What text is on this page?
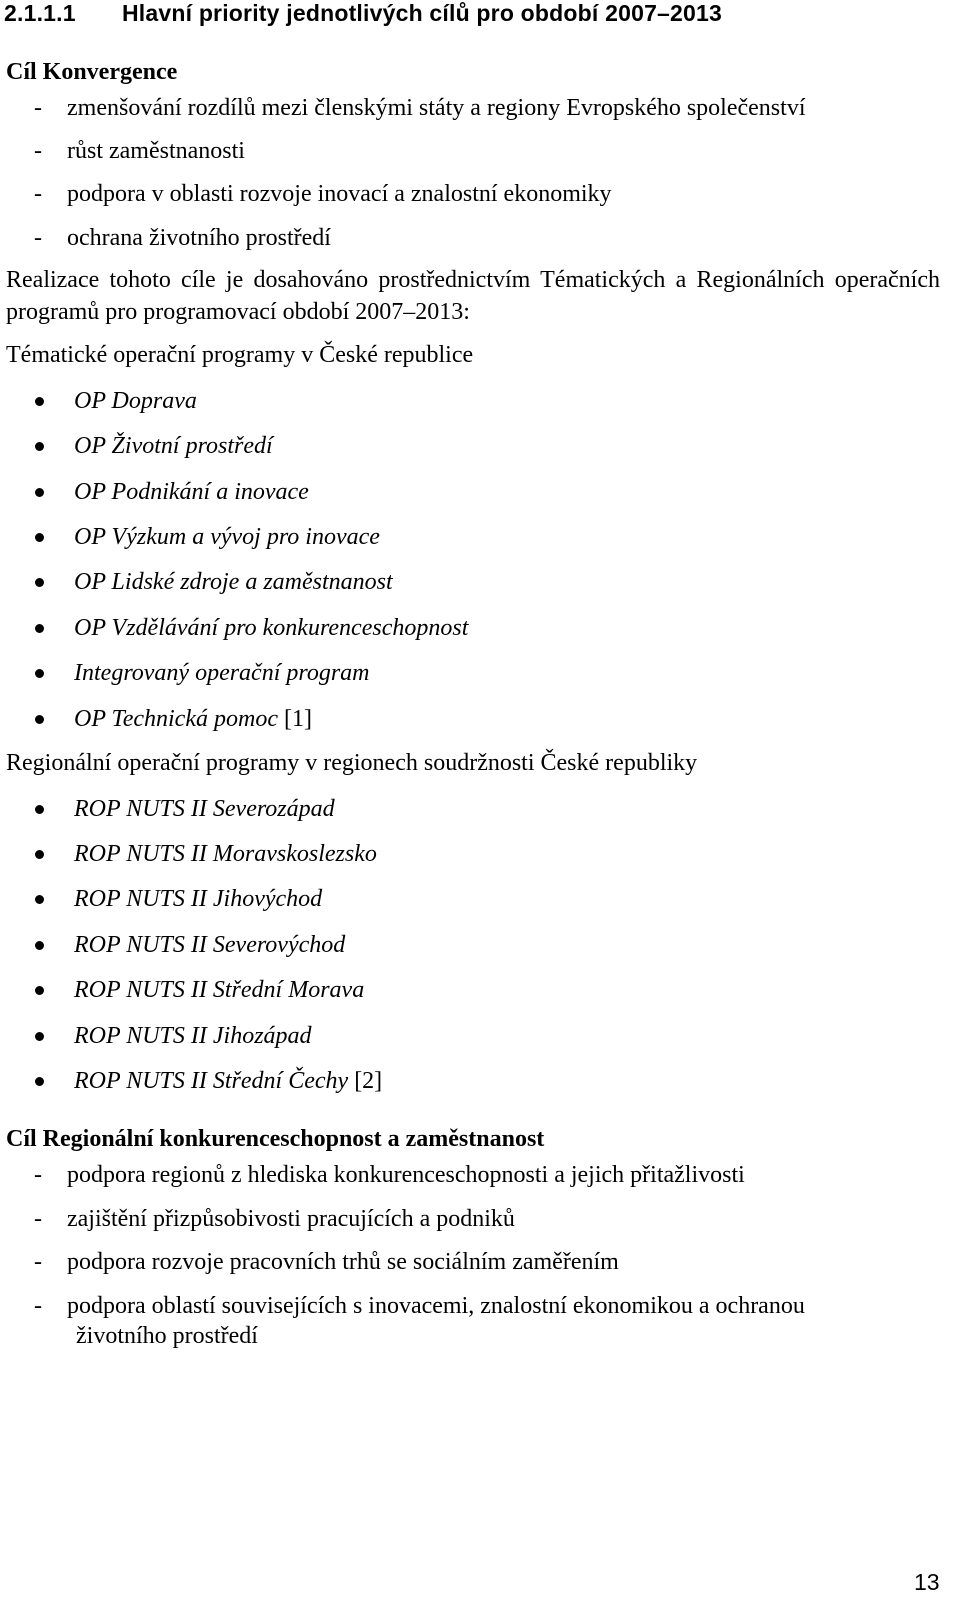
2.1.1.1 Hlavní priority jednotlivých cílů pro období 2007–2013
Cíl Konvergence
- zmenšování rozdílů mezi členskými státy a regiony Evropského společenství
- růst zaměstnanosti
- podpora v oblasti rozvoje inovací a znalostní ekonomiky
- ochrana životního prostředí
Realizace tohoto cíle je dosahováno prostřednictvím Tématických a Regionálních operačních programů pro programovací období 2007–2013:
Tématické operační programy v České republice
OP Doprava
OP Životní prostředí
OP Podnikání a inovace
OP Výzkum a vývoj pro inovace
OP Lidské zdroje a zaměstnanost
OP Vzdělávání pro konkurenceschopnost
Integrovaný operační program
OP Technická pomoc [1]
Regionální operační programy v regionech soudržnosti České republiky
ROP NUTS II Severozápad
ROP NUTS II Moravskoslezsko
ROP NUTS II Jihovýchod
ROP NUTS II Severovýchod
ROP NUTS II Střední Morava
ROP NUTS II Jihozápad
ROP NUTS II Střední Čechy [2]
Cíl Regionální konkurenceschopnost a zaměstnanost
- podpora regionů z hlediska konkurenceschopnosti a jejich přitažlivosti
- zajištění přizpůsobivosti pracujících a podniků
- podpora rozvoje pracovních trhů se sociálním zaměřením
- podpora oblastí souvisejících s inovacemi, znalostní ekonomikou a ochranou
životního prostředí
13
